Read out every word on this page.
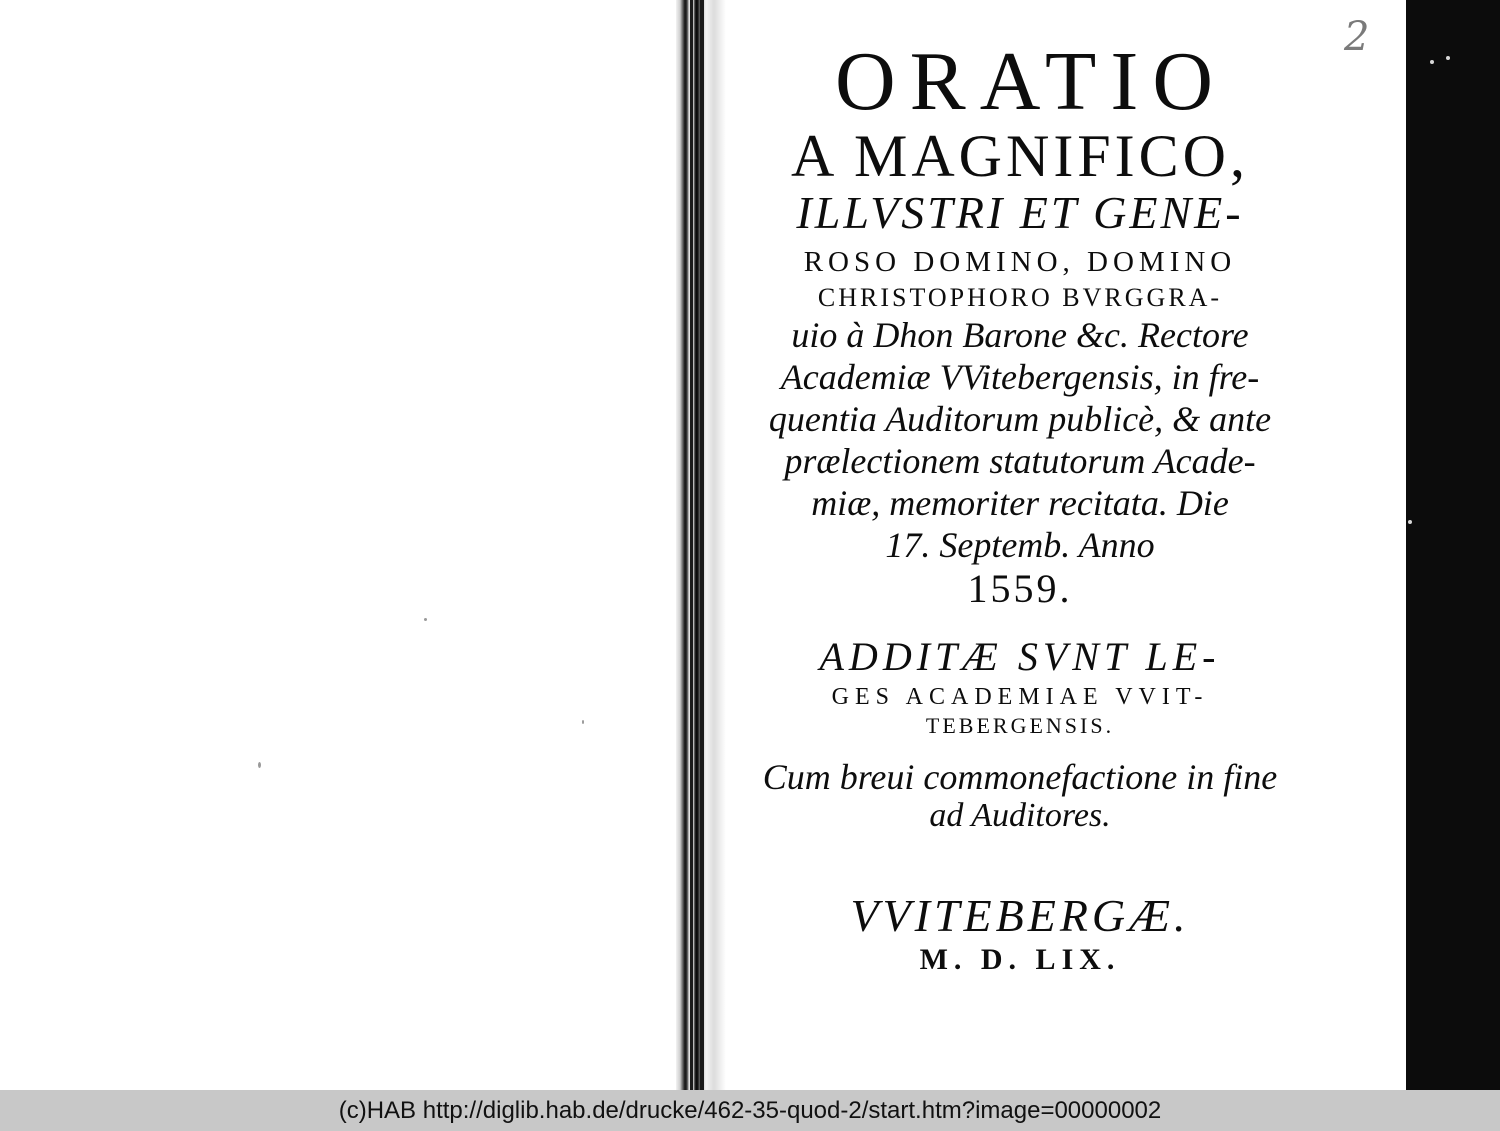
2
ORATIO
A MAGNIFICO,
ILLVSTRI ET GENE-
ROSO DOMINO, DOMINO
CHRISTOPHORO BVRGGRA-
uio à Dhon Barone &c. Rectore
Academiæ VVitebergensis, in fre-
quentia Auditorum publicè, & ante
prælectionem statutorum Acade-
miæ, memoriter recitata. Die
17. Septemb. Anno
1559.
ADDITÆ SVNT LE-
GES ACADEMIAE VVIT-
TEBERGENSIS.
Cum breui commonefactione in fine
ad Auditores.
VVITEBERGÆ.
M. D. LIX.
(c)HAB http://diglib.hab.de/drucke/462-35-quod-2/start.htm?image=00000002
